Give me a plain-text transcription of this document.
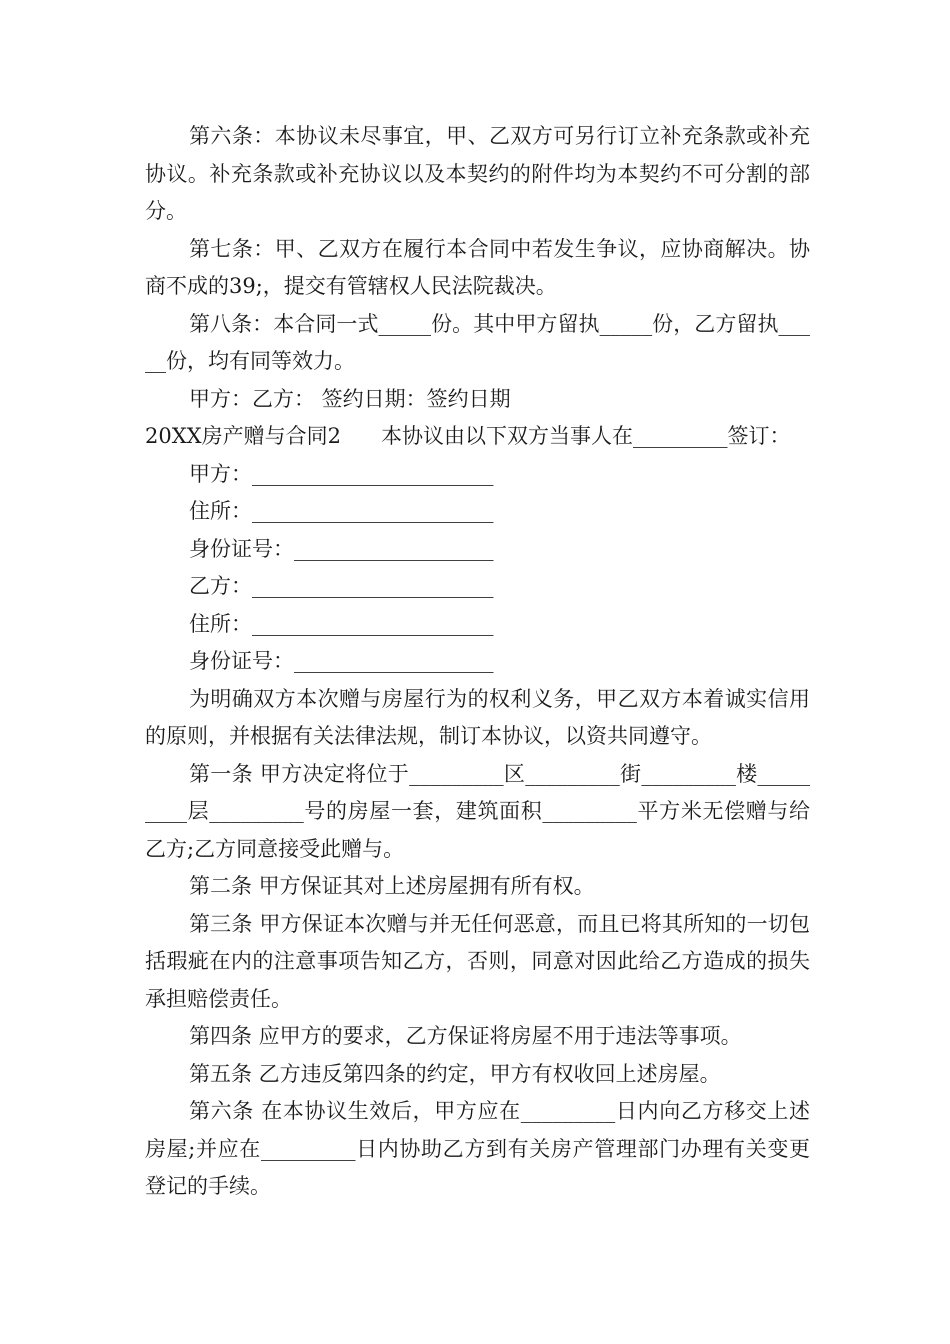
第六条：本协议未尽事宜，甲、乙双方可另行订立补充条款或补充协议。补充条款或补充协议以及本契约的附件均为本契约不可分割的部分。

第七条：甲、乙双方在履行本合同中若发生争议，应协商解决。协商不成的39;，提交有管辖权人民法院裁决。

第八条：本合同一式_____份。其中甲方留执_____份，乙方留执_____份，均有同等效力。

甲方：乙方： 签约日期：签约日期

20XX房产赠与合同2 本协议由以下双方当事人在_________签订：

甲方：_______________________

住所：_______________________

身份证号：___________________

乙方：_______________________

住所：_______________________

身份证号：___________________

为明确双方本次赠与房屋行为的权利义务，甲乙双方本着诚实信用的原则，并根据有关法律法规，制订本协议，以资共同遵守。

第一条 甲方决定将位于_________区_________街_________楼_________层_________号的房屋一套，建筑面积_________平方米无偿赠与给乙方;乙方同意接受此赠与。

第二条 甲方保证其对上述房屋拥有所有权。

第三条 甲方保证本次赠与并无任何恶意，而且已将其所知的一切包括瑕疵在内的注意事项告知乙方，否则，同意对因此给乙方造成的损失承担赔偿责任。

第四条 应甲方的要求，乙方保证将房屋不用于违法等事项。

第五条 乙方违反第四条的约定，甲方有权收回上述房屋。

第六条 在本协议生效后，甲方应在_________日内向乙方移交上述房屋;并应在_________日内协助乙方到有关房产管理部门办理有关变更登记的手续。
